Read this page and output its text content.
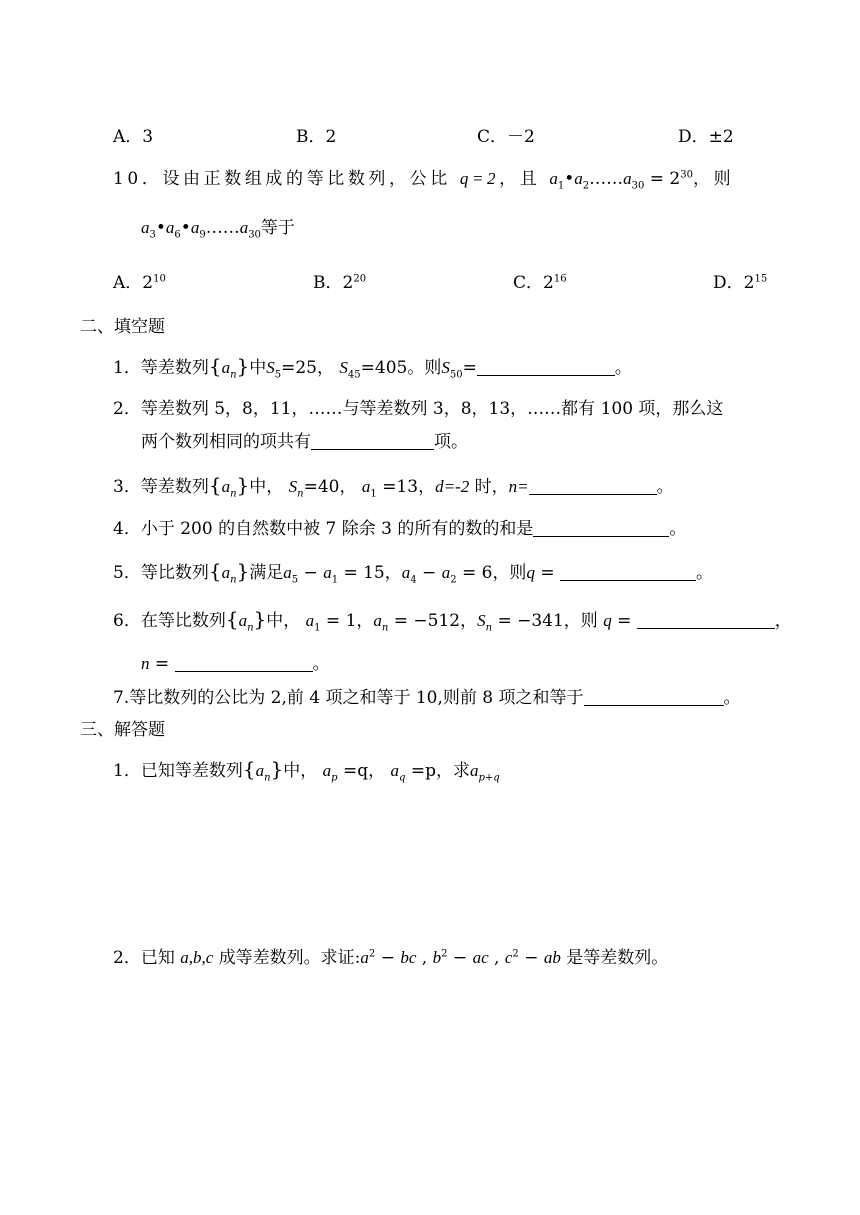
A．3	B．2	C．－2	D．±2
10．设由正数组成的等比数列，公比 q=2，且 $a_1•a_2\dots\dots a_{30} = 2^{30}$，则
$a_3•a_6•a_9\dots\dots a_{30}$等于
A．$2^{10}$	B．$2^{20}$	C．$2^{16}$	D．$2^{15}$
二、填空题
1．等差数列$\{a_n\}$中$S_5=25$， $S_{45}=405$。则$S_{50}=$	。
2．等差数列 5，8，11，……与等差数列 3，8，13，……都有 100 项，那么这
两个数列相同的项共有	项。
3．等差数列$\{a_n\}$中， $S_n=40$， $a_1 =13$，d=-2 时，n=	。
4．小于 200 的自然数中被 7 除余 3 的所有的数的和是	。
5．等比数列$\{a_n\}$满足$a_5 - a_1 = 15$，$a_4 - a_2 = 6$，则q =	。
6．在等比数列$\{a_n\}$中， $a_1 = 1$，$a_n = -512$，$S_n = -341$，则 q =	，
n =	。
7.等比数列的公比为 2,前 4 项之和等于 10,则前 8 项之和等于	。
三、解答题
1．已知等差数列$\{a_n\}$中， $a_p =q$， $a_q =p$，求$a_{p+q}$
2．已知 a,b,c 成等差数列。求证$:a^2$ − bc , $b^2$ − ac , $c^2$ − ab 是等差数列。
